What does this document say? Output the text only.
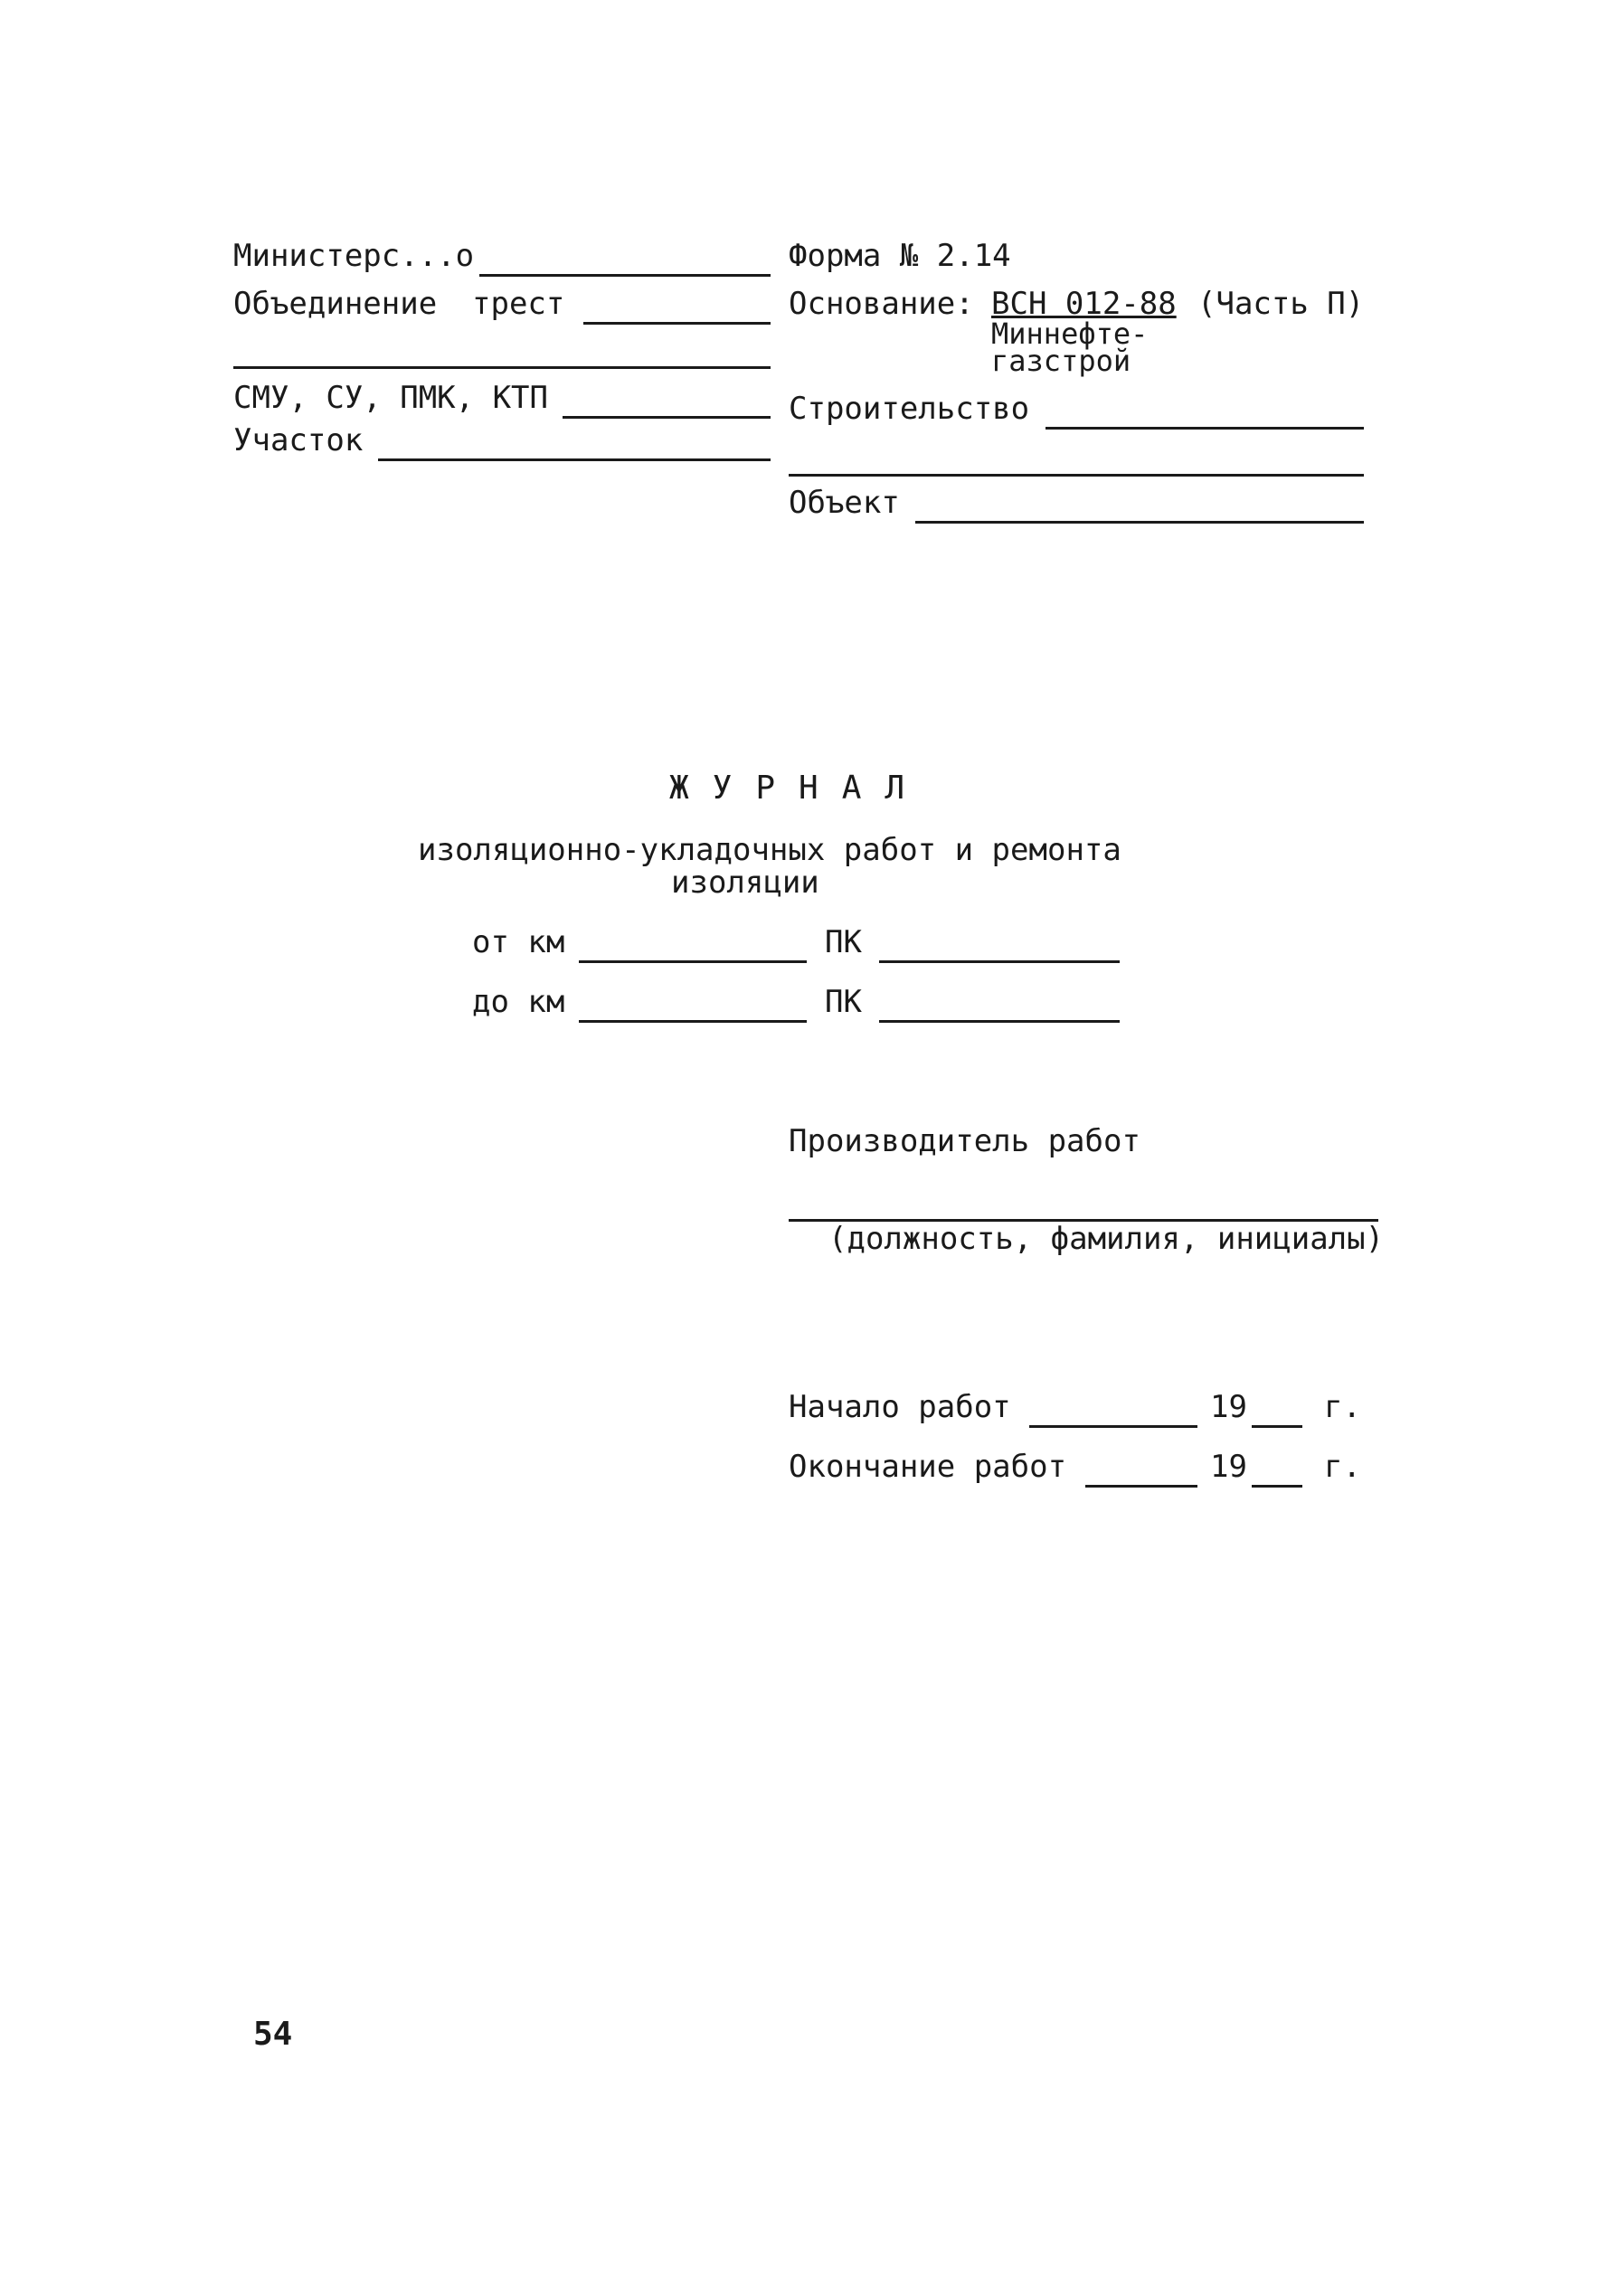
Министерс...о
Объединение трест
СМУ, СУ, ПМК, КТП
Участок
Форма № 2.14
Основание: ВСН 012-88 (Часть П)
Миннефте-
газстрой
Строительство
Объект
ЖУРНАЛ
изоляционно-укладочных работ и ремонта
изоляции
от км	ПК
до км	ПК
Производитель работ
(должность, фамилия, инициалы)
Начало работ	19	г.
Окончание работ	19	г.
54
